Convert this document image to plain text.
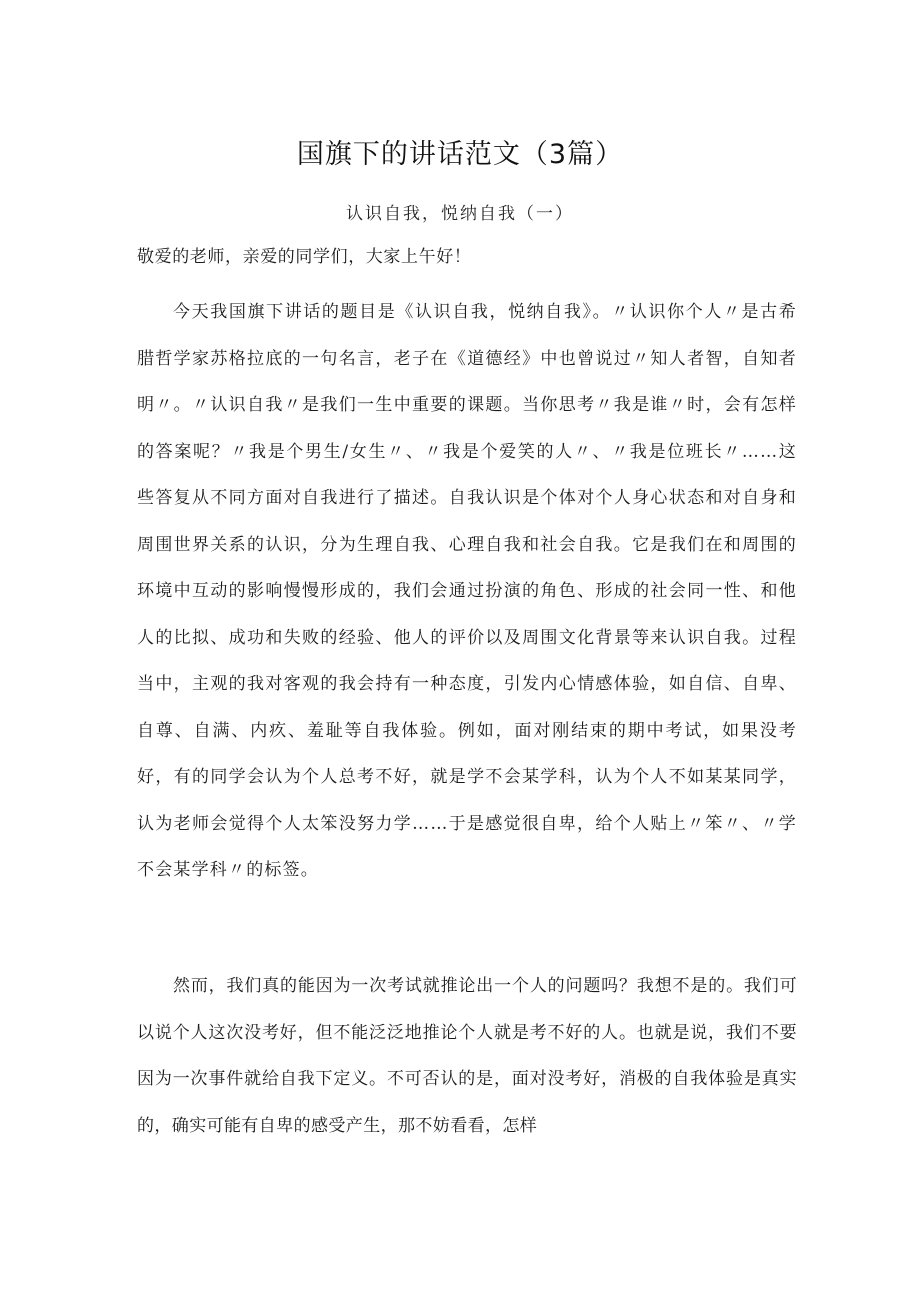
国旗下的讲话范文（3篇）

认识自我，悦纳自我（一）

敬爱的老师，亲爱的同学们，大家上午好！

今天我国旗下讲话的题目是《认识自我，悦纳自我》。〃认识你个人〃是古希腊哲学家苏格拉底的一句名言，老子在《道德经》中也曾说过〃知人者智，自知者明〃。〃认识自我〃是我们一生中重要的课题。当你思考〃我是谁〃时，会有怎样的答案呢？〃我是个男生/女生〃、〃我是个爱笑的人〃、〃我是位班长〃……这些答复从不同方面对自我进行了描述。自我认识是个体对个人身心状态和对自身和周围世界关系的认识，分为生理自我、心理自我和社会自我。它是我们在和周围的环境中互动的影响慢慢形成的，我们会通过扮演的角色、形成的社会同一性、和他人的比拟、成功和失败的经验、他人的评价以及周围文化背景等来认识自我。过程当中，主观的我对客观的我会持有一种态度，引发内心情感体验，如自信、自卑、自尊、自满、内疚、羞耻等自我体验。例如，面对刚结束的期中考试，如果没考好，有的同学会认为个人总考不好，就是学不会某学科，认为个人不如某某同学，认为老师会觉得个人太笨没努力学……于是感觉很自卑，给个人贴上〃笨〃、〃学不会某学科〃的标签。

然而，我们真的能因为一次考试就推论出一个人的问题吗？我想不是的。我们可以说个人这次没考好，但不能泛泛地推论个人就是考不好的人。也就是说，我们不要因为一次事件就给自我下定义。不可否认的是，面对没考好，消极的自我体验是真实的，确实可能有自卑的感受产生，那不妨看看，怎样
